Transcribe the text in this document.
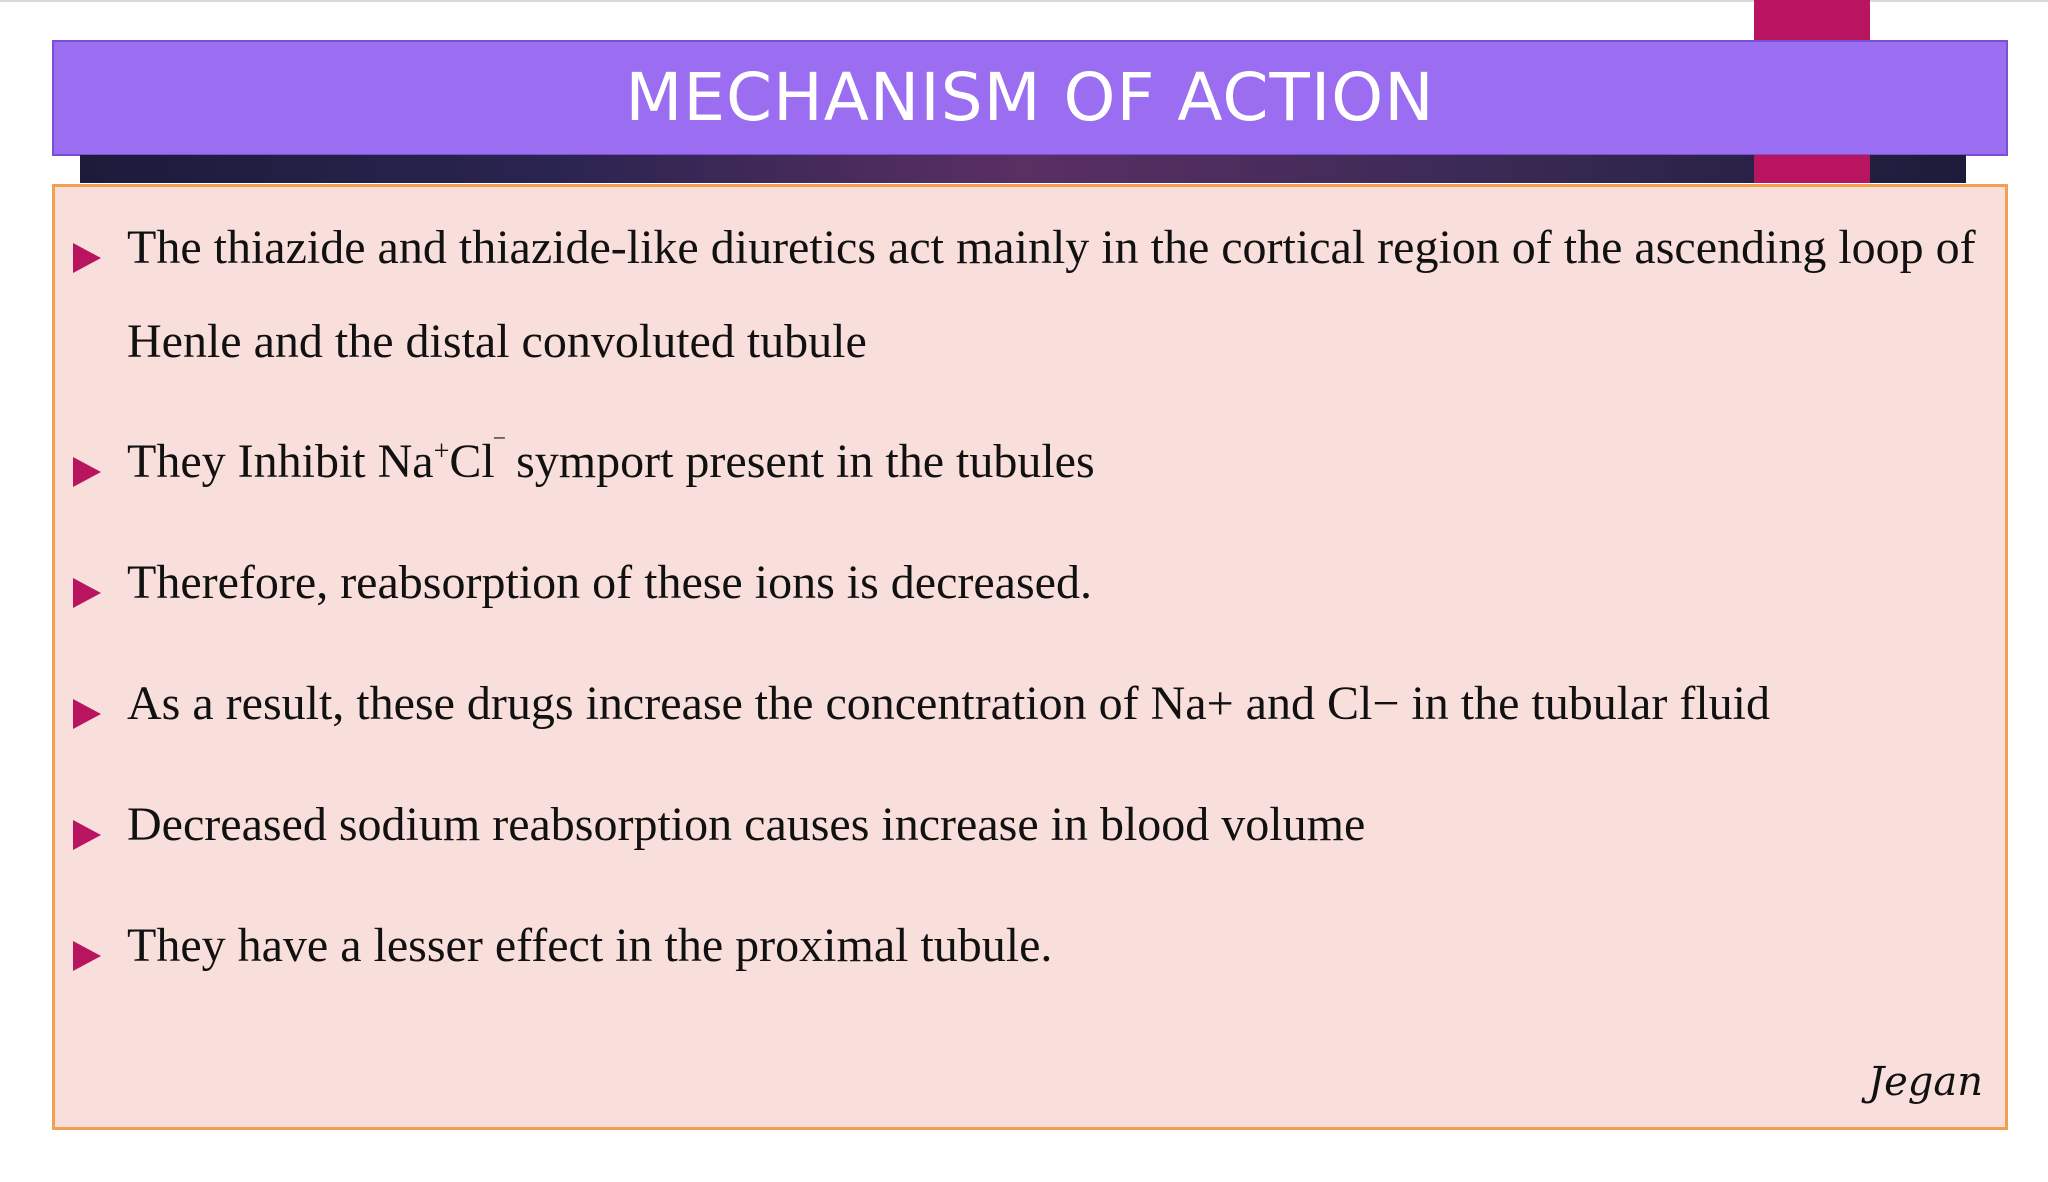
MECHANISM OF ACTION
The thiazide and thiazide-like diuretics act mainly in the cortical region of the ascending loop of Henle and the distal convoluted tubule
They Inhibit Na+Cl‾ symport present in the tubules
Therefore, reabsorption of these ions is decreased.
As a result, these drugs increase the concentration of Na+ and Cl− in the tubular fluid
Decreased sodium reabsorption causes increase in blood volume
They have a lesser effect in the proximal tubule.
Jegan
